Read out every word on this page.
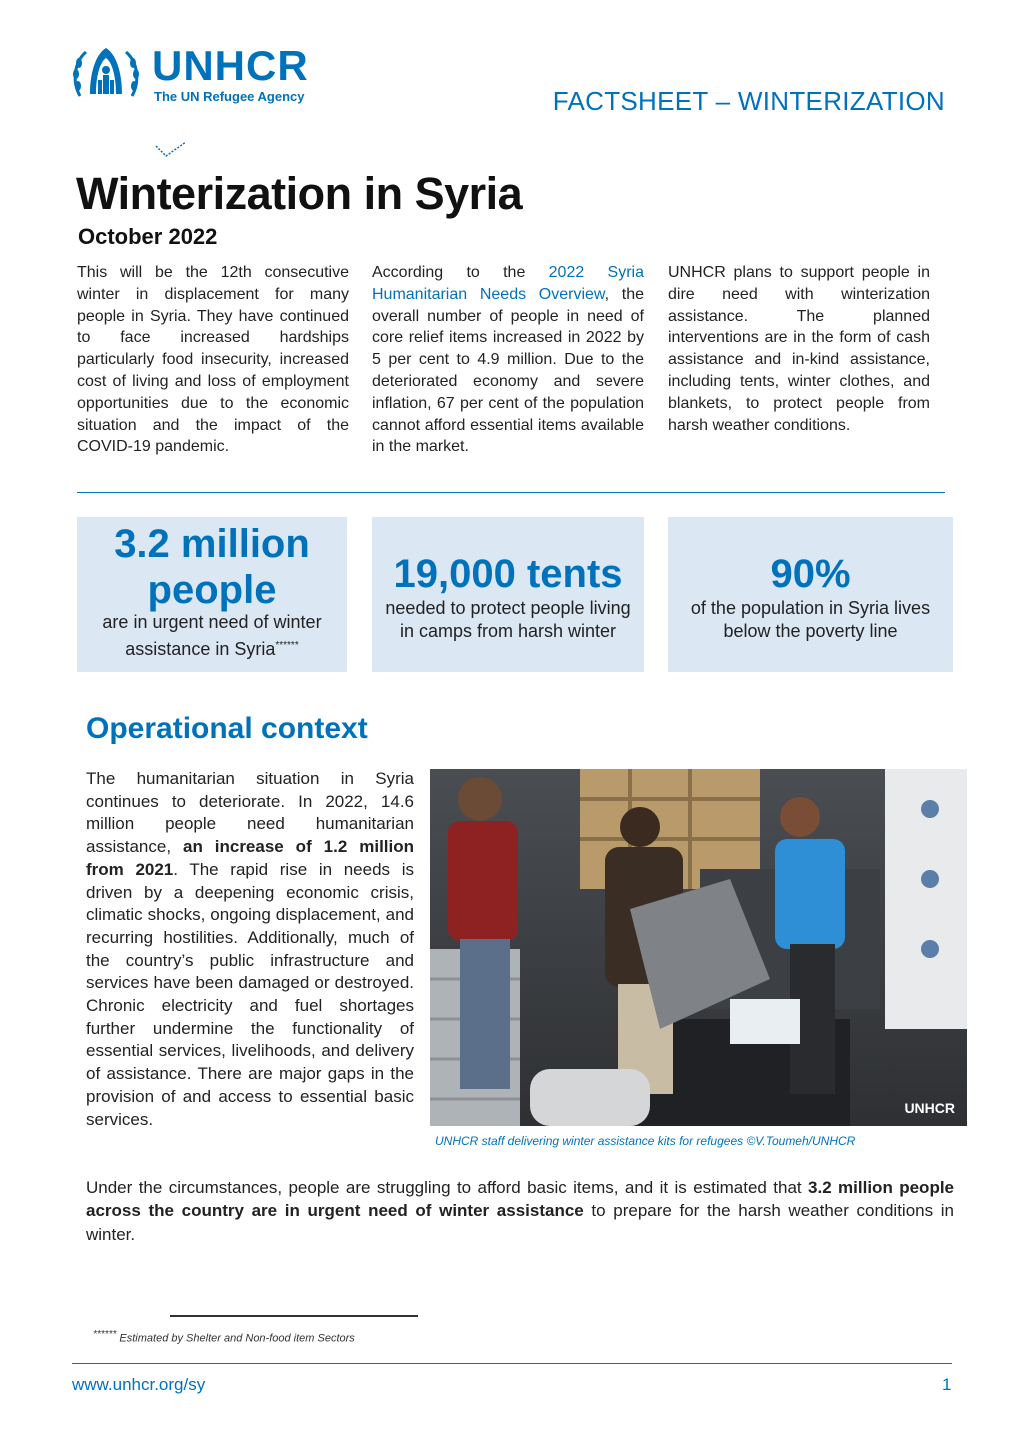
UNHCR
The UN Refugee Agency	FACTSHEET – WINTERIZATION
Winterization in Syria
October 2022
This will be the 12th consecutive winter in displacement for many people in Syria. They have continued to face increased hardships particularly food insecurity, increased cost of living and loss of employment opportunities due to the economic situation and the impact of the COVID-19 pandemic.
According to the 2022 Syria Humanitarian Needs Overview, the overall number of people in need of core relief items increased in 2022 by 5 per cent to 4.9 million. Due to the deteriorated economy and severe inflation, 67 per cent of the population cannot afford essential items available in the market.
UNHCR plans to support people in dire need with winterization assistance. The planned interventions are in the form of cash assistance and in-kind assistance, including tents, winter clothes, and blankets, to protect people from harsh weather conditions.
3.2 million
people
are in urgent need of winter
assistance in Syria******
19,000 tents
needed to protect people living
in camps from harsh winter
90%
of the population in Syria lives
below the poverty line
Operational context
The humanitarian situation in Syria continues to deteriorate. In 2022, 14.6 million people need humanitarian assistance, an increase of 1.2 million from 2021. The rapid rise in needs is driven by a deepening economic crisis, climatic shocks, ongoing displacement, and recurring hostilities. Additionally, much of the country’s public infrastructure and services have been damaged or destroyed. Chronic electricity and fuel shortages further undermine the functionality of essential services, livelihoods, and delivery of assistance. There are major gaps in the provision of and access to essential basic services.
UNHCR
UNHCR staff delivering winter assistance kits for refugees ©V.Toumeh/UNHCR
Under the circumstances, people are struggling to afford basic items, and it is estimated that 3.2 million people across the country are in urgent need of winter assistance to prepare for the harsh weather conditions in winter.
****** Estimated by Shelter and Non-food item Sectors
www.unhcr.org/sy	1
